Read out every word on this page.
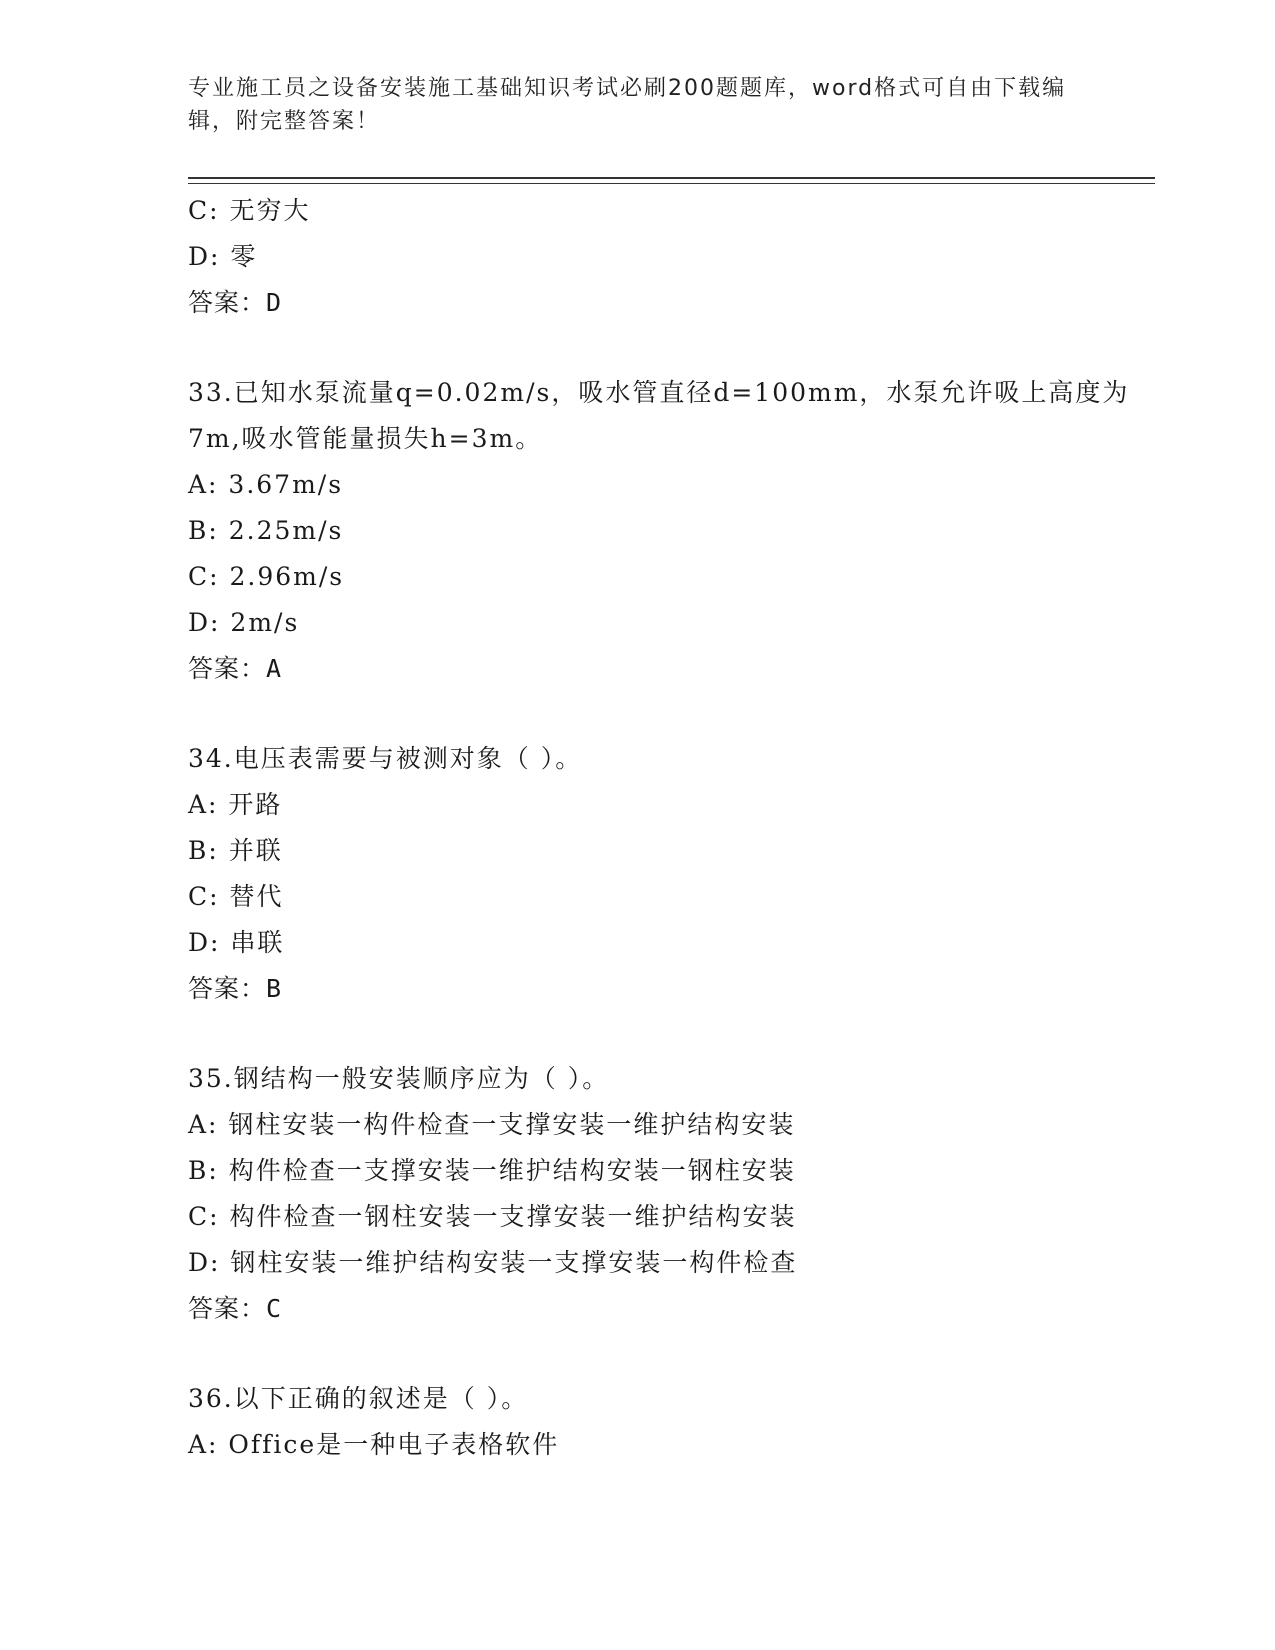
专业施工员之设备安装施工基础知识考试必刷200题题库，word格式可自由下载编辑，附完整答案！
C: 无穷大
D: 零
答案：D
33.已知水泵流量q=0.02m/s，吸水管直径d=100mm，水泵允许吸上高度为7m,吸水管能量损失h=3m。
A: 3.67m/s
B: 2.25m/s
C: 2.96m/s
D: 2m/s
答案：A
34.电压表需要与被测对象（ ）。
A: 开路
B: 并联
C: 替代
D: 串联
答案：B
35.钢结构一般安装顺序应为（ ）。
A: 钢柱安装一构件检查一支撑安装一维护结构安装
B: 构件检查一支撑安装一维护结构安装一钢柱安装
C: 构件检查一钢柱安装一支撑安装一维护结构安装
D: 钢柱安装一维护结构安装一支撑安装一构件检查
答案：C
36.以下正确的叙述是（ ）。
A: Office是一种电子表格软件
